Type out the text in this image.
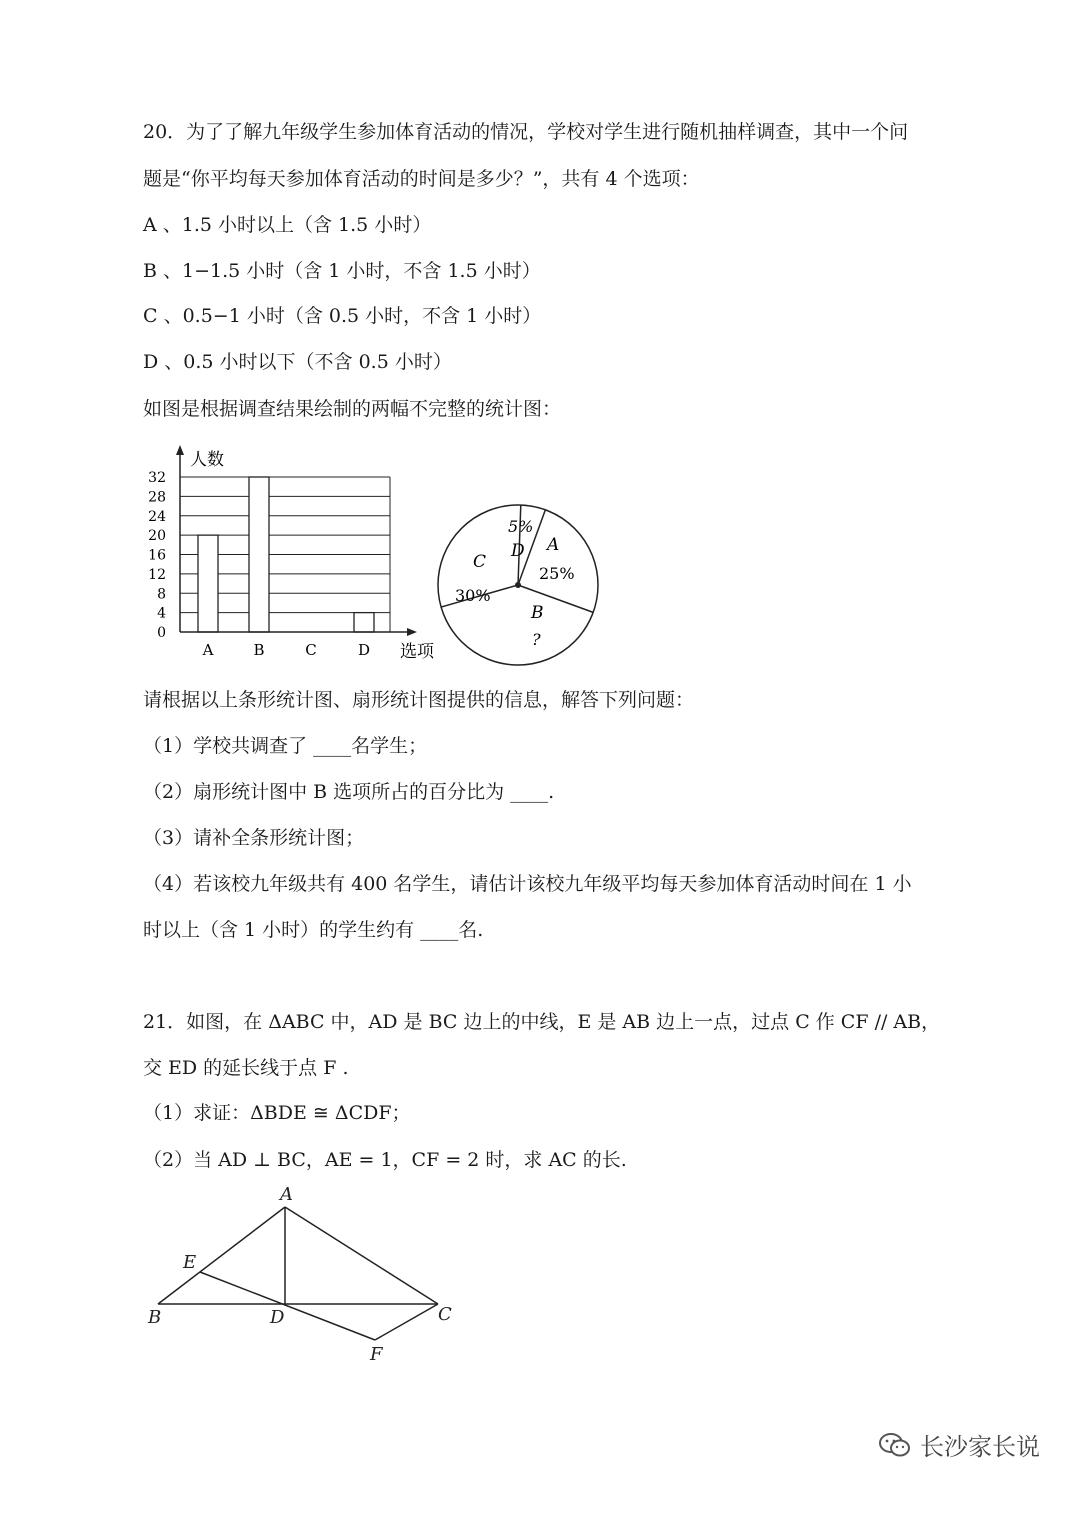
20．为了了解九年级学生参加体育活动的情况，学校对学生进行随机抽样调查，其中一个问
题是“你平均每天参加体育活动的时间是多少？”，共有 4 个选项：
A 、1.5 小时以上（含 1.5 小时）
B 、1−1.5 小时（含 1 小时，不含 1.5 小时）
C 、0.5−1 小时（含 0.5 小时，不含 1 小时）
D 、0.5 小时以下（不含 0.5 小时）
如图是根据调查结果绘制的两幅不完整的统计图：
0
4
8
12
16
20
24
28
32
A	B	C	D
人数
选项
5%
D A
25%
C
30%
B
?
请根据以上条形统计图、扇形统计图提供的信息，解答下列问题：
（1）学校共调查了 ____名学生；
（2）扇形统计图中 B 选项所占的百分比为 ____.
（3）请补全条形统计图；
（4）若该校九年级共有 400 名学生，请估计该校九年级平均每天参加体育活动时间在 1 小
时以上（含 1 小时）的学生约有 ____名.
21．如图，在 ΔABC 中，AD 是 BC 边上的中线，E 是 AB 边上一点，过点 C 作 CF // AB，
交 ED 的延长线于点 F .
（1）求证：ΔBDE ≅ ΔCDF；
（2）当 AD ⊥ BC，AE = 1，CF = 2 时，求 AC 的长.
A
E
B	D	C
F
长沙家长说
